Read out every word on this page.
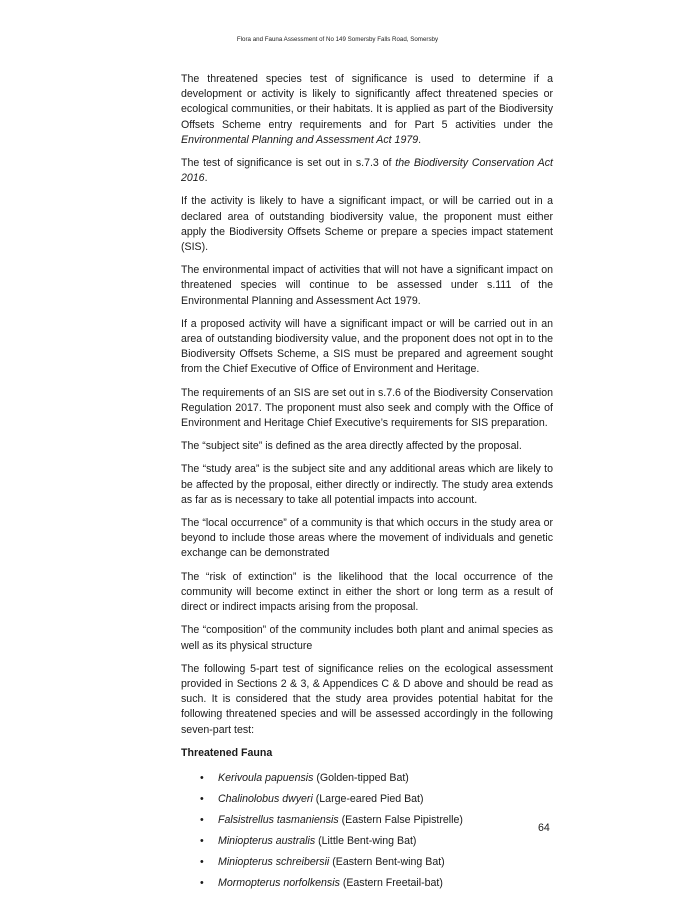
Flora and Fauna Assessment of No 149 Somersby Falls Road, Somersby

The threatened species test of significance is used to determine if a development or activity is likely to significantly affect threatened species or ecological communities, or their habitats. It is applied as part of the Biodiversity Offsets Scheme entry requirements and for Part 5 activities under the Environmental Planning and Assessment Act 1979.

The test of significance is set out in s.7.3 of the Biodiversity Conservation Act 2016.

If the activity is likely to have a significant impact, or will be carried out in a declared area of outstanding biodiversity value, the proponent must either apply the Biodiversity Offsets Scheme or prepare a species impact statement (SIS).

The environmental impact of activities that will not have a significant impact on threatened species will continue to be assessed under s.111 of the Environmental Planning and Assessment Act 1979.

If a proposed activity will have a significant impact or will be carried out in an area of outstanding biodiversity value, and the proponent does not opt in to the Biodiversity Offsets Scheme, a SIS must be prepared and agreement sought from the Chief Executive of Office of Environment and Heritage.

The requirements of an SIS are set out in s.7.6 of the Biodiversity Conservation Regulation 2017. The proponent must also seek and comply with the Office of Environment and Heritage Chief Executive’s requirements for SIS preparation.

The “subject site” is defined as the area directly affected by the proposal.

The “study area” is the subject site and any additional areas which are likely to be affected by the proposal, either directly or indirectly. The study area extends as far as is necessary to take all potential impacts into account.

The “local occurrence” of a community is that which occurs in the study area or beyond to include those areas where the movement of individuals and genetic exchange can be demonstrated

The “risk of extinction” is the likelihood that the local occurrence of the community will become extinct in either the short or long term as a result of direct or indirect impacts arising from the proposal.

The “composition” of the community includes both plant and animal species as well as its physical structure

The following 5-part test of significance relies on the ecological assessment provided in Sections 2 & 3, & Appendices C & D above and should be read as such. It is considered that the study area provides potential habitat for the following threatened species and will be assessed accordingly in the following seven-part test:

Threatened Fauna
• Kerivoula papuensis (Golden-tipped Bat)
• Chalinolobus dwyeri (Large-eared Pied Bat)
• Falsistrellus tasmaniensis (Eastern False Pipistrelle)
• Miniopterus australis (Little Bent-wing Bat)
• Miniopterus schreibersii (Eastern Bent-wing Bat)
• Mormopterus norfolkensis (Eastern Freetail-bat)
64
